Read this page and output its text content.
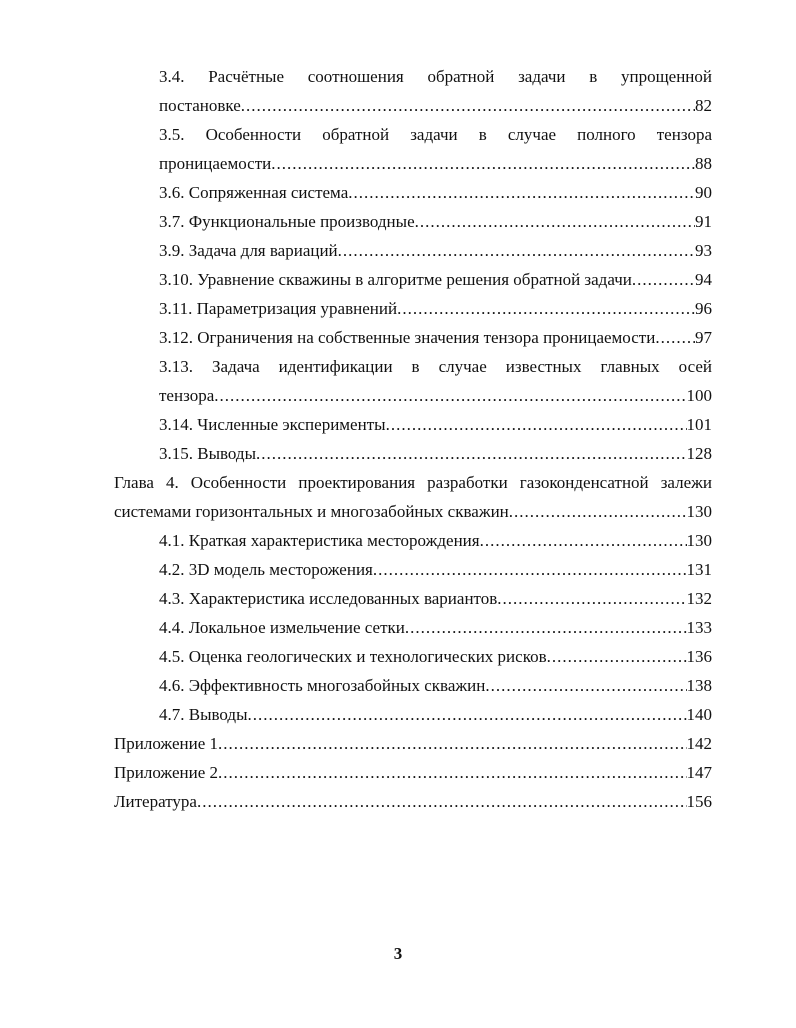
3.4. Расчётные соотношения обратной задачи в упрощенной
постановке .....	82
3.5. Особенности обратной задачи в случае полного тензора
проницаемости .....	88
3.6. Сопряженная система .....	90
3.7. Функциональные производные .....	91
3.9. Задача для вариаций .....	93
3.10. Уравнение скважины в алгоритме решения обратной задачи .....	94
3.11. Параметризация уравнений .....	96
3.12. Ограничения на собственные значения тензора проницаемости ..... 97
3.13. Задача идентификации в случае известных главных осей
тензора .....	100
3.14. Численные эксперименты .....	101
3.15. Выводы .....	128
Глава 4. Особенности проектирования разработки газоконденсатной залежи
системами горизонтальных и многозабойных скважин .....	130
4.1. Краткая характеристика месторождения .....	130
4.2. 3D модель месторожения .....	131
4.3. Характеристика исследованных вариантов .....	132
4.4. Локальное измельчение сетки .....	133
4.5. Оценка геологических и технологических рисков .....	136
4.6. Эффективность многозабойных скважин .....	138
4.7. Выводы .....	140
Приложение 1 .....	142
Приложение 2 .....	147
Литература .....	156
3
